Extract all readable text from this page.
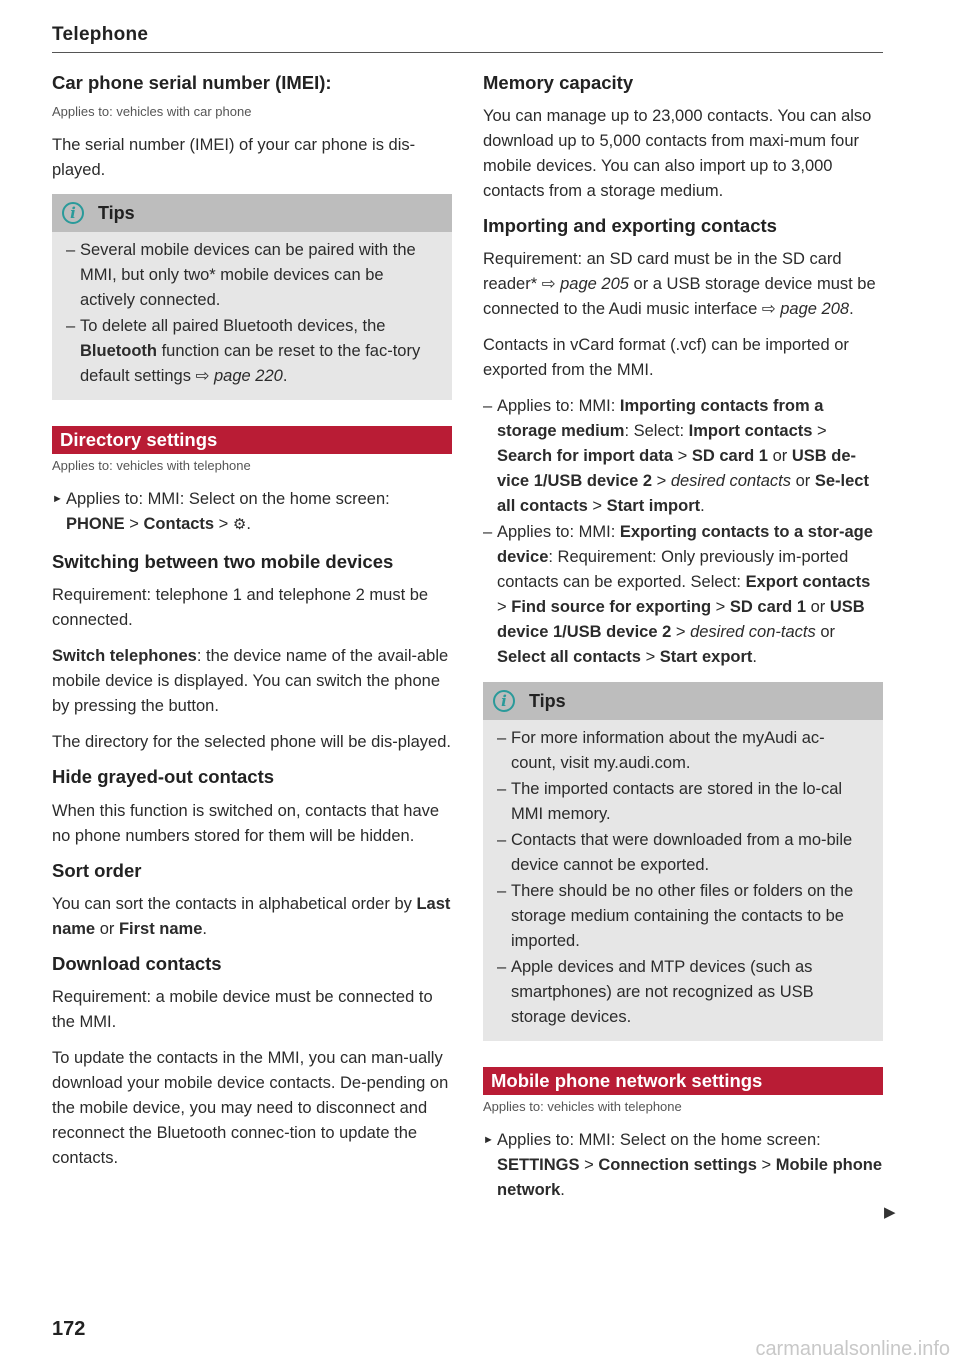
Telephone
Car phone serial number (IMEI):
Applies to: vehicles with car phone

The serial number (IMEI) of your car phone is dis-played.

i	Tips
– Several mobile devices can be paired with the MMI, but only two* mobile devices can be actively connected.
– To delete all paired Bluetooth devices, the Bluetooth function can be reset to the fac-tory default settings ⇨ page 220.
Directory settings
Applies to: vehicles with telephone
► Applies to: MMI: Select on the home screen: PHONE > Contacts > ⚙.
Switching between two mobile devices

Requirement: telephone 1 and telephone 2 must be connected.

Switch telephones: the device name of the avail-able mobile device is displayed. You can switch the phone by pressing the button.

The directory for the selected phone will be dis-played.

Hide grayed-out contacts

When this function is switched on, contacts that have no phone numbers stored for them will be hidden.

Sort order

You can sort the contacts in alphabetical order by Last name or First name.

Download contacts

Requirement: a mobile device must be connected to the MMI.

To update the contacts in the MMI, you can man-ually download your mobile device contacts. De-pending on the mobile device, you may need to disconnect and reconnect the Bluetooth connec-tion to update the contacts.

Memory capacity

You can manage up to 23,000 contacts. You can also download up to 5,000 contacts from maxi-mum four mobile devices. You can also import up to 3,000 contacts from a storage medium.

Importing and exporting contacts

Requirement: an SD card must be in the SD card reader* ⇨ page 205 or a USB storage device must be connected to the Audi music interface ⇨ page 208.

Contacts in vCard format (.vcf) can be imported or exported from the MMI.

– Applies to: MMI: Importing contacts from a storage medium: Select: Import contacts > Search for import data > SD card 1 or USB de-vice 1/USB device 2 > desired contacts or Se-lect all contacts > Start import.
– Applies to: MMI: Exporting contacts to a stor-age device: Requirement: Only previously im-ported contacts can be exported. Select: Export contacts > Find source for exporting > SD card 1 or USB device 1/USB device 2 > desired con-tacts or Select all contacts > Start export.
i	Tips
– For more information about the myAudi ac-count, visit my.audi.com.
– The imported contacts are stored in the lo-cal MMI memory.
– Contacts that were downloaded from a mo-bile device cannot be exported.
– There should be no other files or folders on the storage medium containing the contacts to be imported.
– Apple devices and MTP devices (such as smartphones) are not recognized as USB storage devices.
Mobile phone network settings
Applies to: vehicles with telephone
► Applies to: MMI: Select on the home screen: SETTINGS > Connection settings > Mobile phone network.
▶
172
carmanualsonline.info
